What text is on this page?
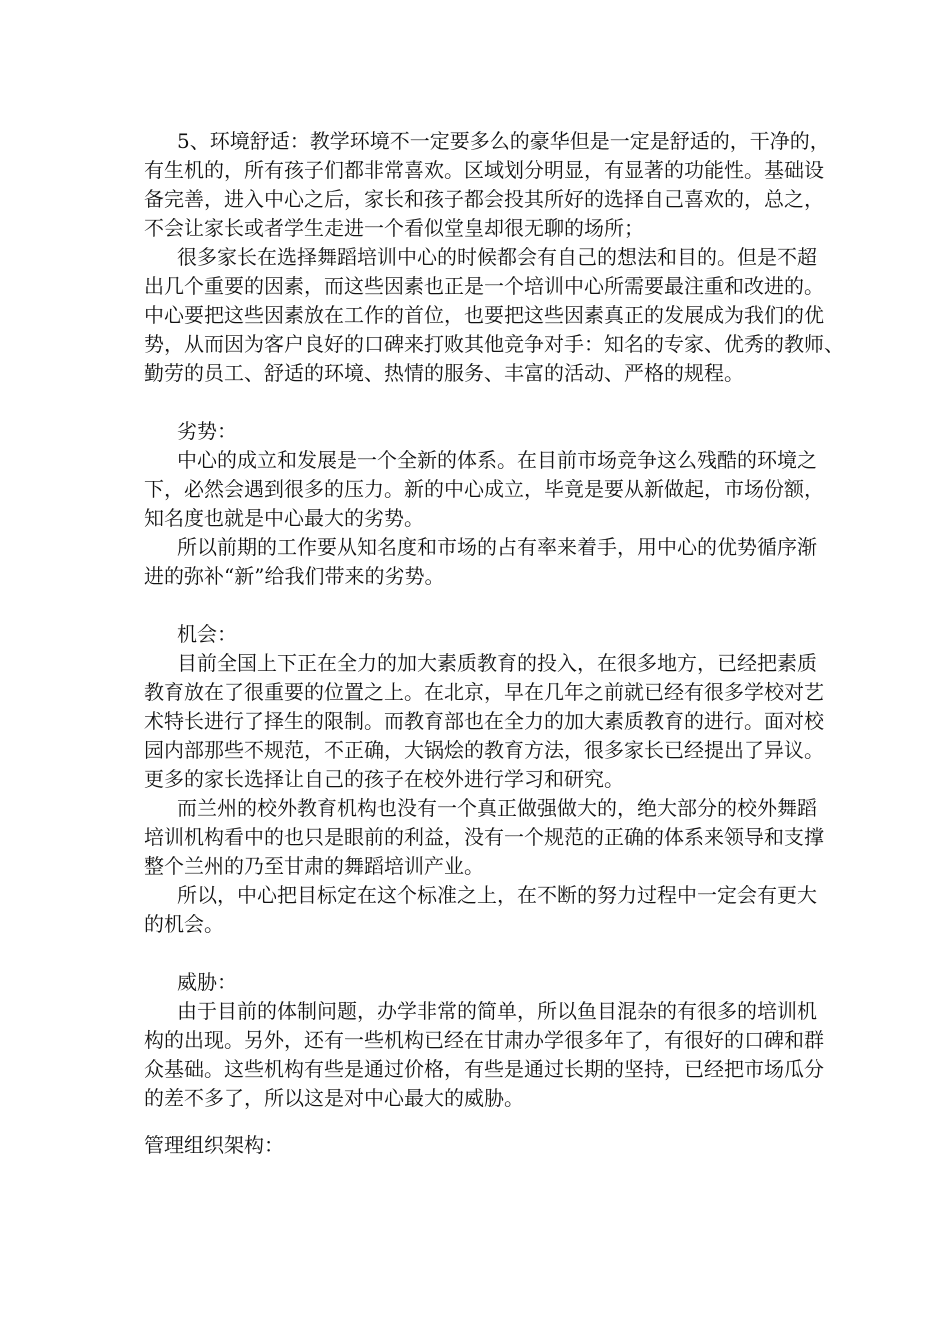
5、环境舒适：教学环境不一定要多么的豪华但是一定是舒适的，干净的，
有生机的，所有孩子们都非常喜欢。区域划分明显，有显著的功能性。基础设
备完善，进入中心之后，家长和孩子都会投其所好的选择自己喜欢的，总之，
不会让家长或者学生走进一个看似堂皇却很无聊的场所；
很多家长在选择舞蹈培训中心的时候都会有自己的想法和目的。但是不超
出几个重要的因素，而这些因素也正是一个培训中心所需要最注重和改进的。
中心要把这些因素放在工作的首位，也要把这些因素真正的发展成为我们的优
势，从而因为客户良好的口碑来打败其他竞争对手：知名的专家、优秀的教师、
勤劳的员工、舒适的环境、热情的服务、丰富的活动、严格的规程。
劣势：
中心的成立和发展是一个全新的体系。在目前市场竞争这么残酷的环境之
下，必然会遇到很多的压力。新的中心成立，毕竟是要从新做起，市场份额，
知名度也就是中心最大的劣势。
所以前期的工作要从知名度和市场的占有率来着手，用中心的优势循序渐
进的弥补“新”给我们带来的劣势。
机会：
目前全国上下正在全力的加大素质教育的投入，在很多地方，已经把素质
教育放在了很重要的位置之上。在北京，早在几年之前就已经有很多学校对艺
术特长进行了择生的限制。而教育部也在全力的加大素质教育的进行。面对校
园内部那些不规范，不正确，大锅烩的教育方法，很多家长已经提出了异议。
更多的家长选择让自己的孩子在校外进行学习和研究。
而兰州的校外教育机构也没有一个真正做强做大的，绝大部分的校外舞蹈
培训机构看中的也只是眼前的利益，没有一个规范的正确的体系来领导和支撑
整个兰州的乃至甘肃的舞蹈培训产业。
所以，中心把目标定在这个标准之上，在不断的努力过程中一定会有更大
的机会。
威胁：
由于目前的体制问题，办学非常的简单，所以鱼目混杂的有很多的培训机
构的出现。另外，还有一些机构已经在甘肃办学很多年了，有很好的口碑和群
众基础。这些机构有些是通过价格，有些是通过长期的坚持，已经把市场瓜分
的差不多了，所以这是对中心最大的威胁。
管理组织架构：
